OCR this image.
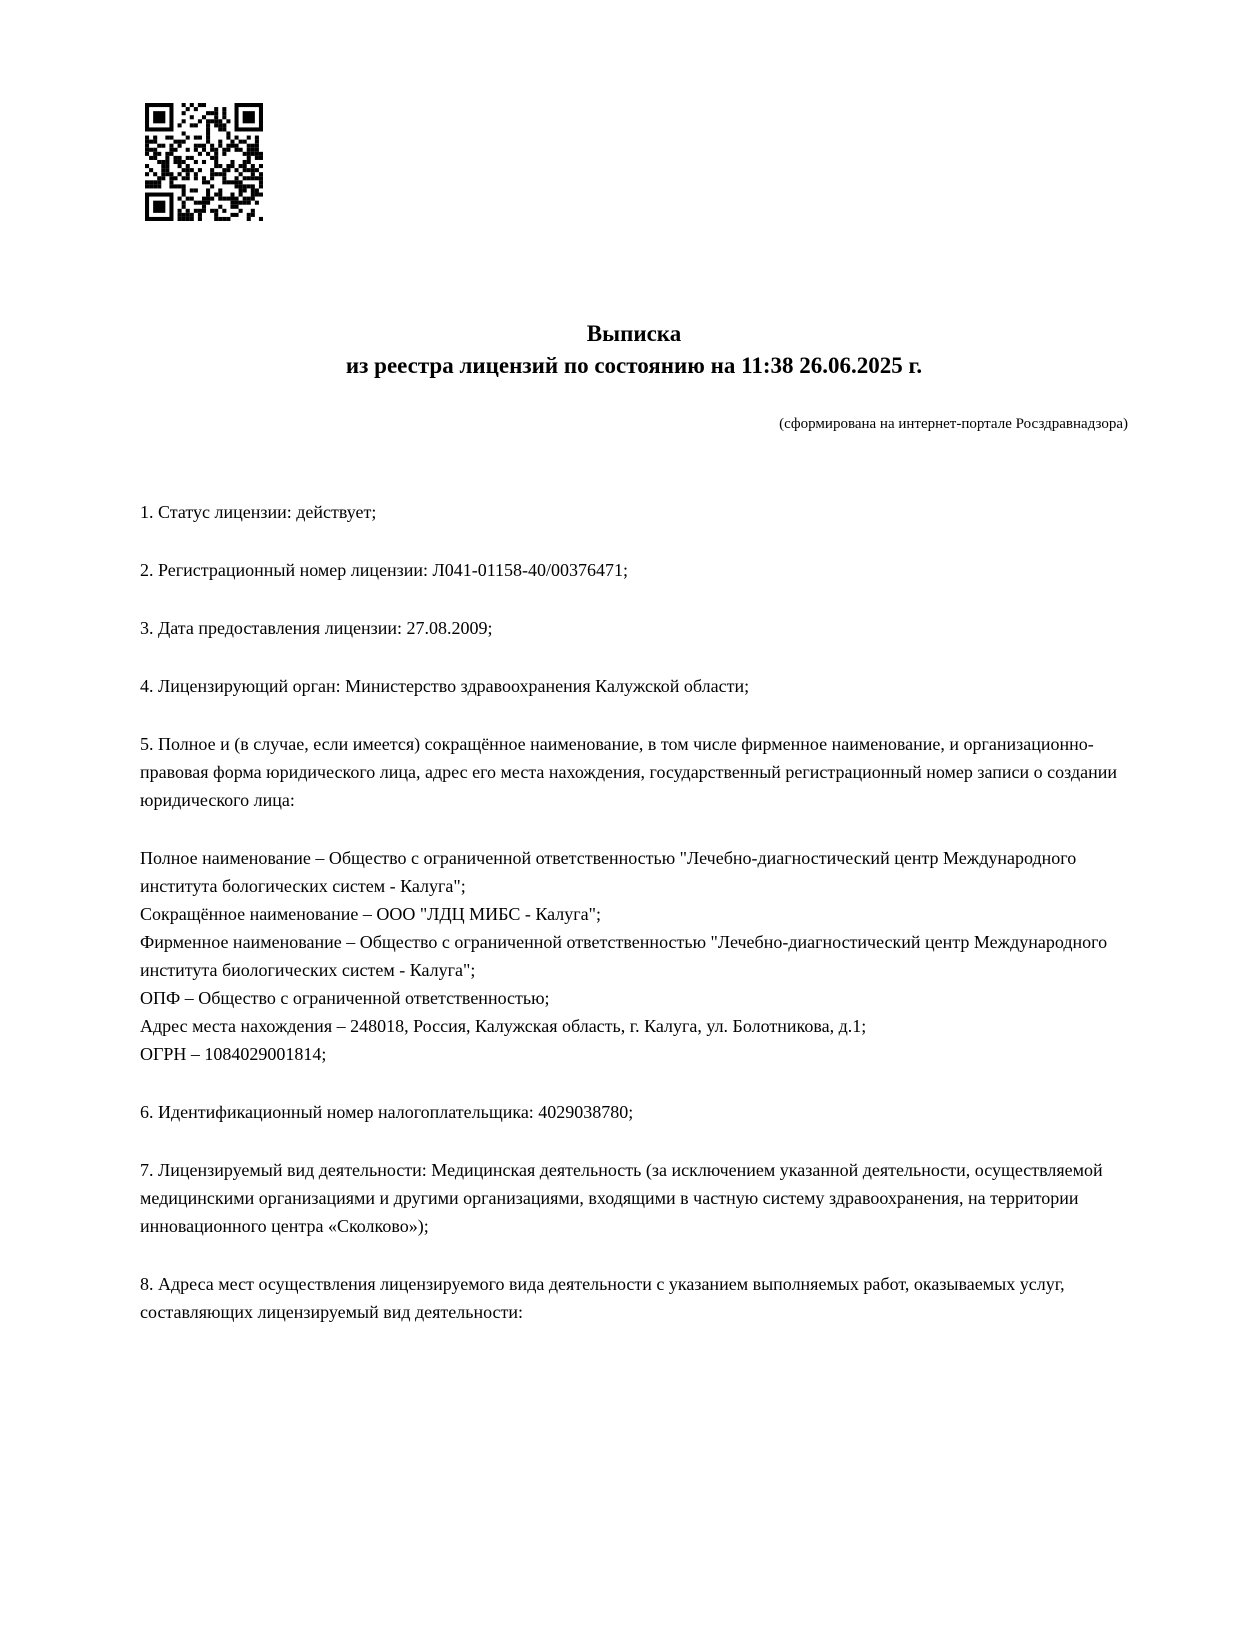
Выписка
из реестра лицензий по состоянию на 11:38 26.06.2025 г.
(сформирована на интернет-портале Росздравнадзора)

1. Статус лицензии: действует;

2. Регистрационный номер лицензии: Л041-01158-40/00376471;

3. Дата предоставления лицензии: 27.08.2009;

4. Лицензирующий орган: Министерство здравоохранения Калужской области;

5. Полное и (в случае, если имеется) сокращённое наименование, в том числе фирменное наименование, и организационно-правовая форма юридического лица, адрес его места нахождения, государственный регистрационный номер записи о создании юридического лица:

Полное наименование – Общество с ограниченной ответственностью "Лечебно-диагностический центр Международного института бологических систем - Калуга";

Сокращённое наименование – ООО "ЛДЦ МИБС - Калуга";

Фирменное наименование – Общество с ограниченной ответственностью "Лечебно-диагностический центр Международного института биологических систем - Калуга";

ОПФ – Общество с ограниченной ответственностью;

Адрес места нахождения – 248018, Россия, Калужская область, г. Калуга, ул. Болотникова, д.1;

ОГРН – 1084029001814;

6. Идентификационный номер налогоплательщика: 4029038780;

7. Лицензируемый вид деятельности: Медицинская деятельность (за исключением указанной деятельности, осуществляемой медицинскими организациями и другими организациями, входящими в частную систему здравоохранения, на территории инновационного центра «Сколково»);

8. Адреса мест осуществления лицензируемого вида деятельности с указанием выполняемых работ, оказываемых услуг, составляющих лицензируемый вид деятельности:
